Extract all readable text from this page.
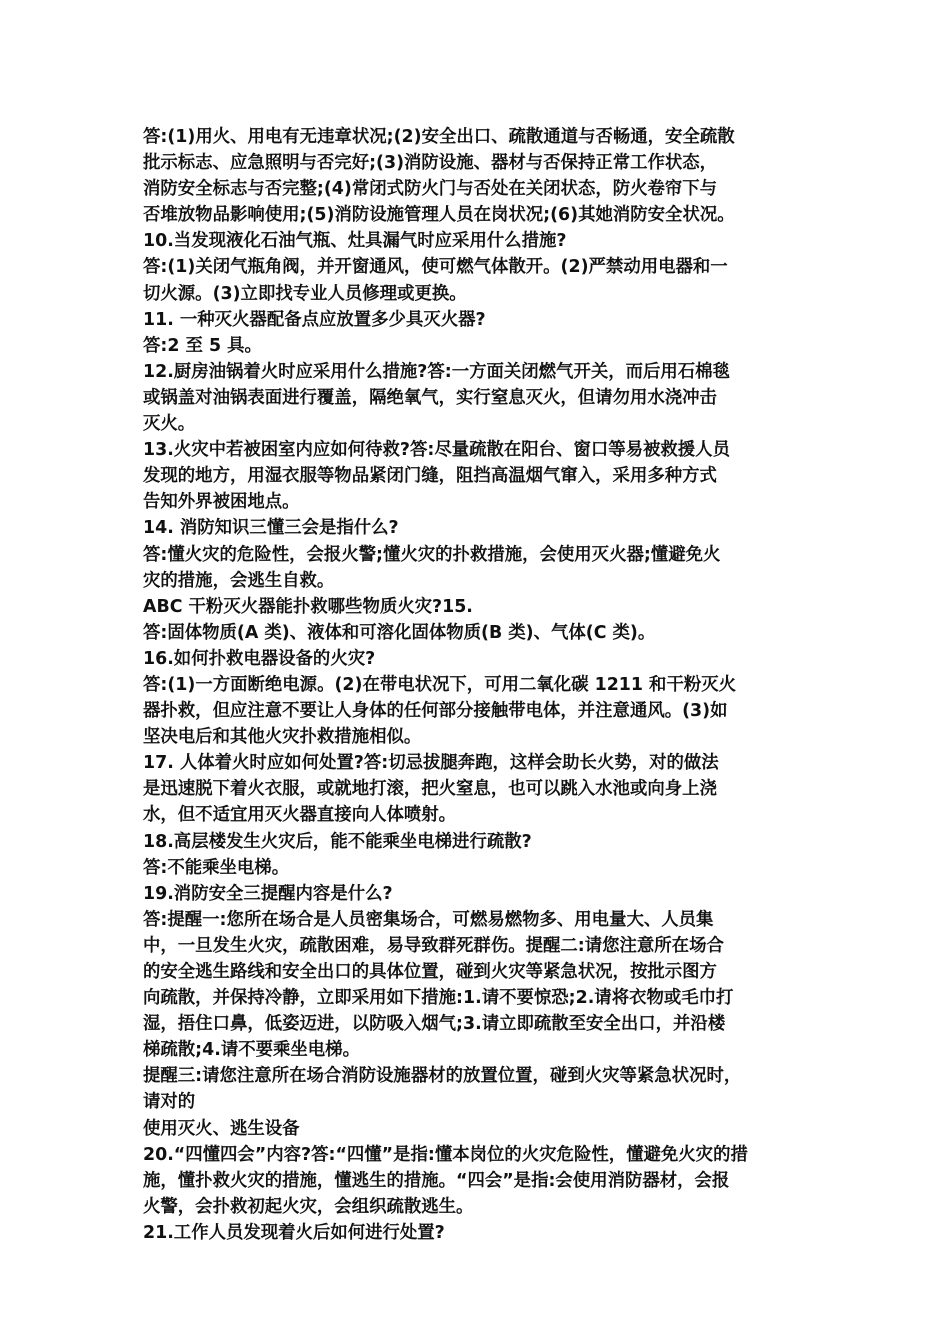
答:(1)用火、用电有无违章状况;(2)安全出口、疏散通道与否畅通，安全疏散
批示标志、应急照明与否完好;(3)消防设施、器材与否保持正常工作状态，
消防安全标志与否完整;(4)常闭式防火门与否处在关闭状态，防火卷帘下与
否堆放物品影响使用;(5)消防设施管理人员在岗状况;(6)其她消防安全状况。
10.当发现液化石油气瓶、灶具漏气时应采用什么措施?
答:(1)关闭气瓶角阀，并开窗通风，使可燃气体散开。(2)严禁动用电器和一
切火源。(3)立即找专业人员修理或更换。
11. 一种灭火器配备点应放置多少具灭火器?
答:2 至 5 具。
12.厨房油锅着火时应采用什么措施?答:一方面关闭燃气开关，而后用石棉毯
或锅盖对油锅表面进行覆盖，隔绝氧气，实行窒息灭火，但请勿用水浇冲击
灭火。
13.火灾中若被困室内应如何待救?答:尽量疏散在阳台、窗口等易被救援人员
发现的地方，用湿衣服等物品紧闭门缝，阻挡高温烟气窜入，采用多种方式
告知外界被困地点。
14. 消防知识三懂三会是指什么?
答:懂火灾的危险性，会报火警;懂火灾的扑救措施，会使用灭火器;懂避免火
灾的措施，会逃生自救。
ABC 干粉灭火器能扑救哪些物质火灾?15.
答:固体物质(A 类)、液体和可溶化固体物质(B 类)、气体(C 类)。
16.如何扑救电器设备的火灾?
答:(1)一方面断绝电源。(2)在带电状况下，可用二氧化碳 1211 和干粉灭火
器扑救，但应注意不要让人身体的任何部分接触带电体，并注意通风。(3)如
坚决电后和其他火灾扑救措施相似。
17. 人体着火时应如何处置?答:切忌拔腿奔跑，这样会助长火势，对的做法
是迅速脱下着火衣服，或就地打滚，把火窒息，也可以跳入水池或向身上浇
水，但不适宜用灭火器直接向人体喷射。
18.高层楼发生火灾后，能不能乘坐电梯进行疏散?
答:不能乘坐电梯。
19.消防安全三提醒内容是什么?
答:提醒一:您所在场合是人员密集场合，可燃易燃物多、用电量大、人员集
中，一旦发生火灾，疏散困难，易导致群死群伤。提醒二:请您注意所在场合
的安全逃生路线和安全出口的具体位置，碰到火灾等紧急状况，按批示图方
向疏散，并保持冷静，立即采用如下措施:1.请不要惊恐;2.请将衣物或毛巾打
湿，捂住口鼻，低姿迈进，以防吸入烟气;3.请立即疏散至安全出口，并沿楼
梯疏散;4.请不要乘坐电梯。
提醒三:请您注意所在场合消防设施器材的放置位置，碰到火灾等紧急状况时，
请对的
使用灭火、逃生设备
20.“四懂四会”内容?答:“四懂”是指:懂本岗位的火灾危险性，懂避免火灾的措
施，懂扑救火灾的措施，懂逃生的措施。“四会”是指:会使用消防器材，会报
火警，会扑救初起火灾，会组织疏散逃生。
21.工作人员发现着火后如何进行处置?
